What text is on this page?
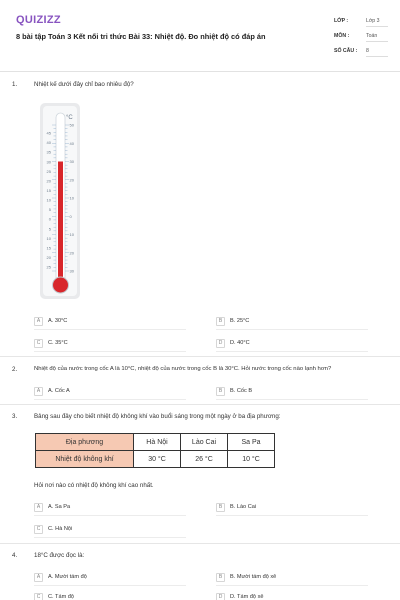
QUIZIZZ
8 bài tập Toán 3 Kết nối tri thức Bài 33: Nhiệt độ. Đo nhiệt độ có đáp án
LỚP :	Lớp 3
MÔN :	Toán
SỐ CÂU : 8
1.	Nhiệt kế dưới đây chỉ bao nhiêu độ?
°C
45
40
35
30
25
20
15
10
5
0
5
10
15
20
25
50
40
30
20
10
0
10
20
30
A	A. 30°C	B	B. 25°C
C	C. 35°C	D	D. 40°C
2.	Nhiệt độ của nước trong cốc A là 10°C, nhiệt độ của nước trong cốc B là 30°C. Hỏi nước trong cốc nào lạnh hơn?
A	A. Cốc A	B	B. Cốc B
3.	Bảng sau đây cho biết nhiệt độ không khí vào buổi sáng trong một ngày ở ba địa phương:
Địa phương	Hà Nội	Lào Cai	Sa Pa
Nhiệt độ không khí	30 °C	26 °C	10 °C
Hỏi nơi nào có nhiệt độ không khí cao nhất.
A	A. Sa Pa	B	B. Lào Cai
C	C. Hà Nội
4.	18°C được đọc là:
A	A. Mười tám độ	B	B. Mười tám độ xê
C	C. Tám độ	D	D. Tám độ xê
